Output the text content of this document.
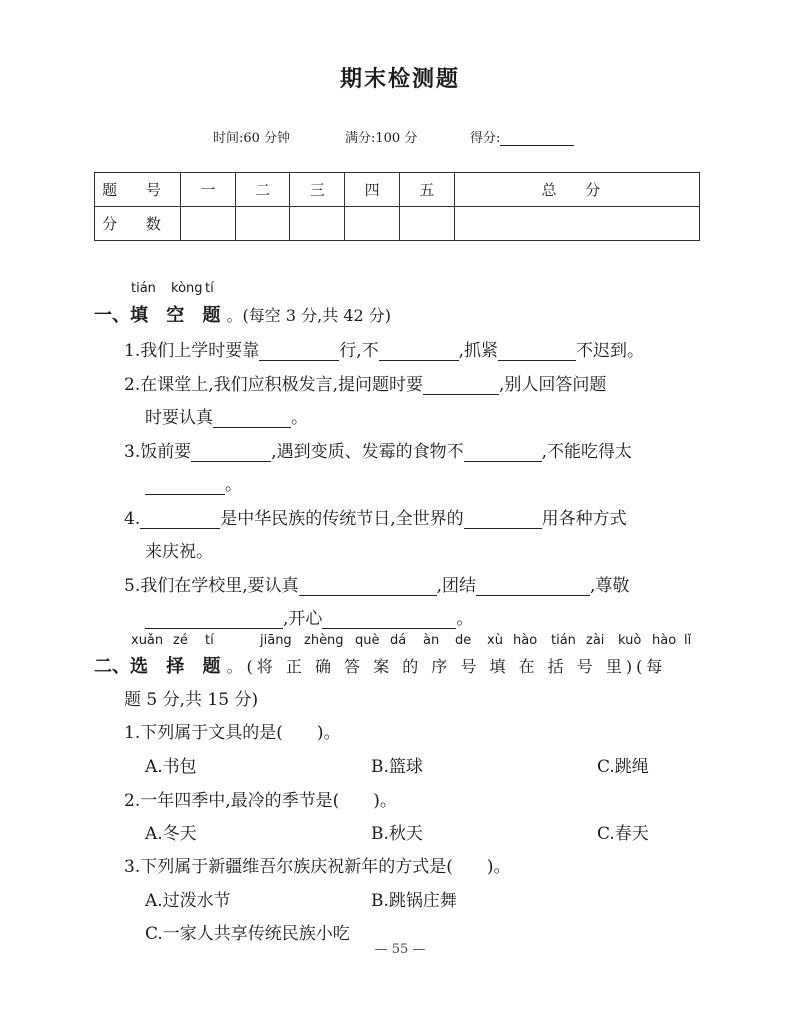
期末检测题
时间:60 分钟	满分:100 分	得分:
题 号	一	二	三	四	五	总 分
分 数						
tián kòng tí
一、填 空 题。(每空 3 分,共 42 分)
1.我们上学时要靠	行,不	,抓紧	不迟到。
2.在课堂上,我们应积极发言,提问题时要	,别人回答问题
时要认真	。
3.饭前要	,遇到变质、发霉的食物不	,不能吃得太
。
4.	是中华民族的传统节日,全世界的	用各种方式
来庆祝。
5.我们在学校里,要认真	,团结	,尊敬
,开心	。
xuǎn zé tí	jiāng zhèng què dá àn de xù hào tián zài kuò hào lǐ
二、选 择 题。(将 正 确 答 案 的 序 号 填 在 括 号 里)(每
题 5 分,共 15 分)
1.下列属于文具的是(　　)。
A.书包	B.篮球	C.跳绳
2.一年四季中,最冷的季节是(　　)。
A.冬天	B.秋天	C.春天
3.下列属于新疆维吾尔族庆祝新年的方式是(　　)。
A.过泼水节	B.跳锅庄舞
C.一家人共享传统民族小吃
— 55 —
